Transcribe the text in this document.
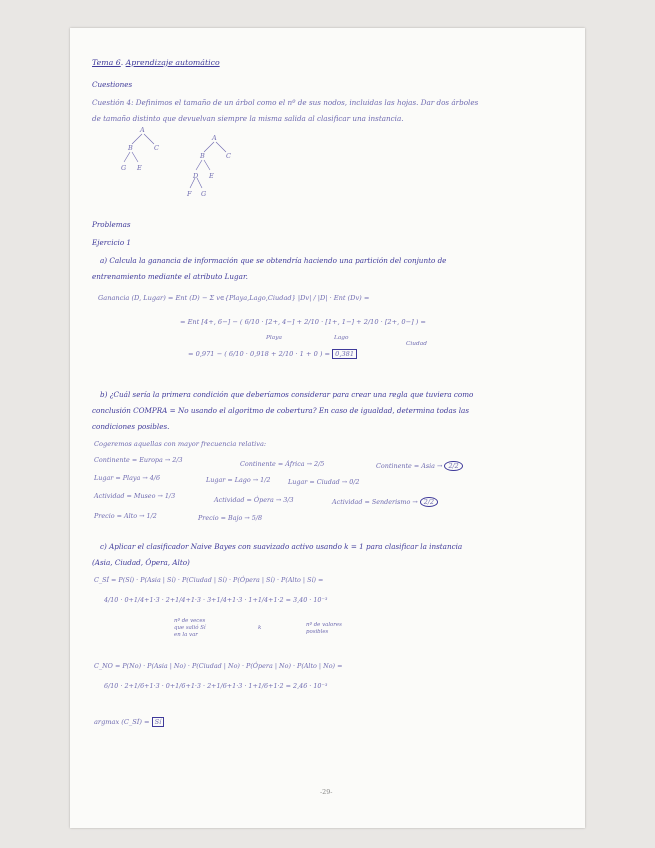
Tema 6. Aprendizaje automático
Cuestiones
Cuestión 4: Definimos el tamaño de un árbol como el nº de sus nodos, incluidas las hojas. Dar dos árboles
de tamaño distinto que devuelvan siempre la misma salida al clasificar una instancia.
A
B	C
G E
A
B	C
D E
F G
Problemas
Ejercicio 1
a) Calcula la ganancia de información que se obtendría haciendo una partición del conjunto de
entrenamiento mediante el atributo Lugar.
Ganancia (D, Lugar) = Ent (D) − Σ v∈{Playa,Lago,Ciudad} |Dv| / |D| · Ent (Dv) =
= Ent [4+, 6−] − ( 6/10 · [2+, 4−] + 2/10 · [1+, 1−] + 2/10 · [2+, 0−] ) =
Playa	Lago
Ciudad
= 0,971 − ( 6/10 · 0,918 + 2/10 · 1 + 0 ) = 0,381
b) ¿Cuál sería la primera condición que deberíamos considerar para crear una regla que tuviera como
conclusión COMPRA = No usando el algoritmo de cobertura? En caso de igualdad, determina todas las
condiciones posibles.
Cogeremos aquellas con mayor frecuencia relativa:
Continente = Europa → 2/3	Continente = África → 2/5	Continente = Asia → 2/2
Lugar = Playa → 4/6	Lugar = Lago → 1/2	Lugar = Ciudad → 0/2
Actividad = Museo → 1/3	Actividad = Ópera → 3/3	Actividad = Senderismo → 2/2
Precio = Alto → 1/2	Precio = Bajo → 5/8
c) Aplicar el clasificador Naive Bayes con suavizado activo usando k = 1 para clasificar la instancia
(Asia, Ciudad, Ópera, Alto)
C_SÍ = P(Sí) · P(Asia | Sí) · P(Ciudad | Sí) · P(Ópera | Sí) · P(Alto | Sí) =
4/10 · 0+1/4+1·3 · 2+1/4+1·3 · 3+1/4+1·3 · 1+1/4+1·2 = 3,40 · 10⁻³
nº de veces
que salió Sí
en la var
k	nº de valores
posibles
C_NO = P(No) · P(Asia | No) · P(Ciudad | No) · P(Ópera | No) · P(Alto | No) =
6/10 · 2+1/6+1·3 · 0+1/6+1·3 · 2+1/6+1·3 · 1+1/6+1·2 = 2,46 · 10⁻³
argmax (C_SÍ) = Sí
-29-
